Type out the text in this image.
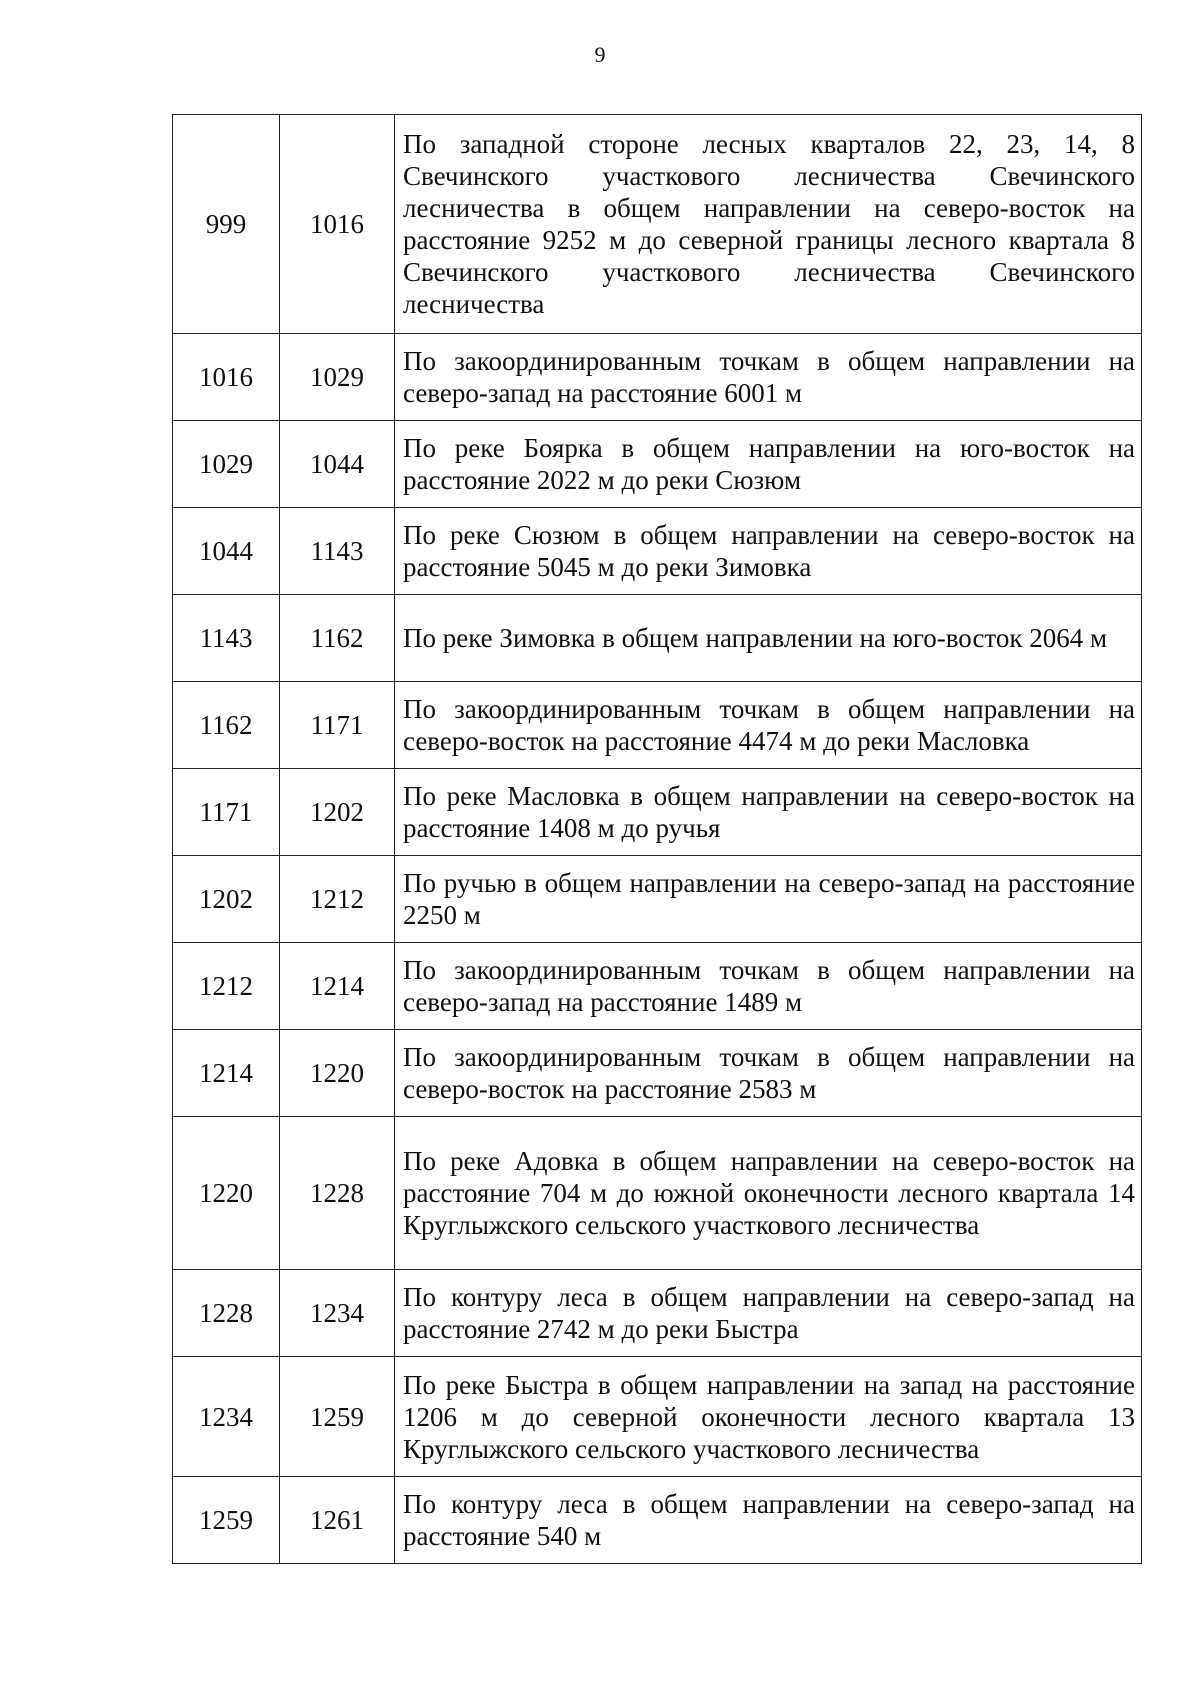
9
999	1016	По западной стороне лесных кварталов 22, 23, 14, 8 Свечинского участкового лесничества Свечинского лесничества в общем направлении на северо-восток на расстояние 9252 м до северной границы лесного квартала 8 Свечинского участкового лесничества Свечинского лесничества
1016	1029	По закоординированным точкам в общем направлении на северо-запад на расстояние 6001 м
1029	1044	По реке Боярка в общем направлении на юго-восток на расстояние 2022 м до реки Сюзюм
1044	1143	По реке Сюзюм в общем направлении на северо-восток на расстояние 5045 м до реки Зимовка
1143	1162	По реке Зимовка в общем направлении на юго-восток 2064 м
1162	1171	По закоординированным точкам в общем направлении на северо-восток на расстояние 4474 м до реки Масловка
1171	1202	По реке Масловка в общем направлении на северо-восток на расстояние 1408 м до ручья
1202	1212	По ручью в общем направлении на северо-запад на расстояние 2250 м
1212	1214	По закоординированным точкам в общем направлении на северо-запад на расстояние 1489 м
1214	1220	По закоординированным точкам в общем направлении на северо-восток на расстояние 2583 м
1220	1228	По реке Адовка в общем направлении на северо-восток на расстояние 704 м до южной оконечности лесного квартала 14 Круглыжского сельского участкового лесничества
1228	1234	По контуру леса в общем направлении на северо-запад на расстояние 2742 м до реки Быстра
1234	1259	По реке Быстра в общем направлении на запад на расстояние 1206 м до северной оконечности лесного квартала 13 Круглыжского сельского участкового лесничества
1259	1261	По контуру леса в общем направлении на северо-запад на расстояние 540 м
